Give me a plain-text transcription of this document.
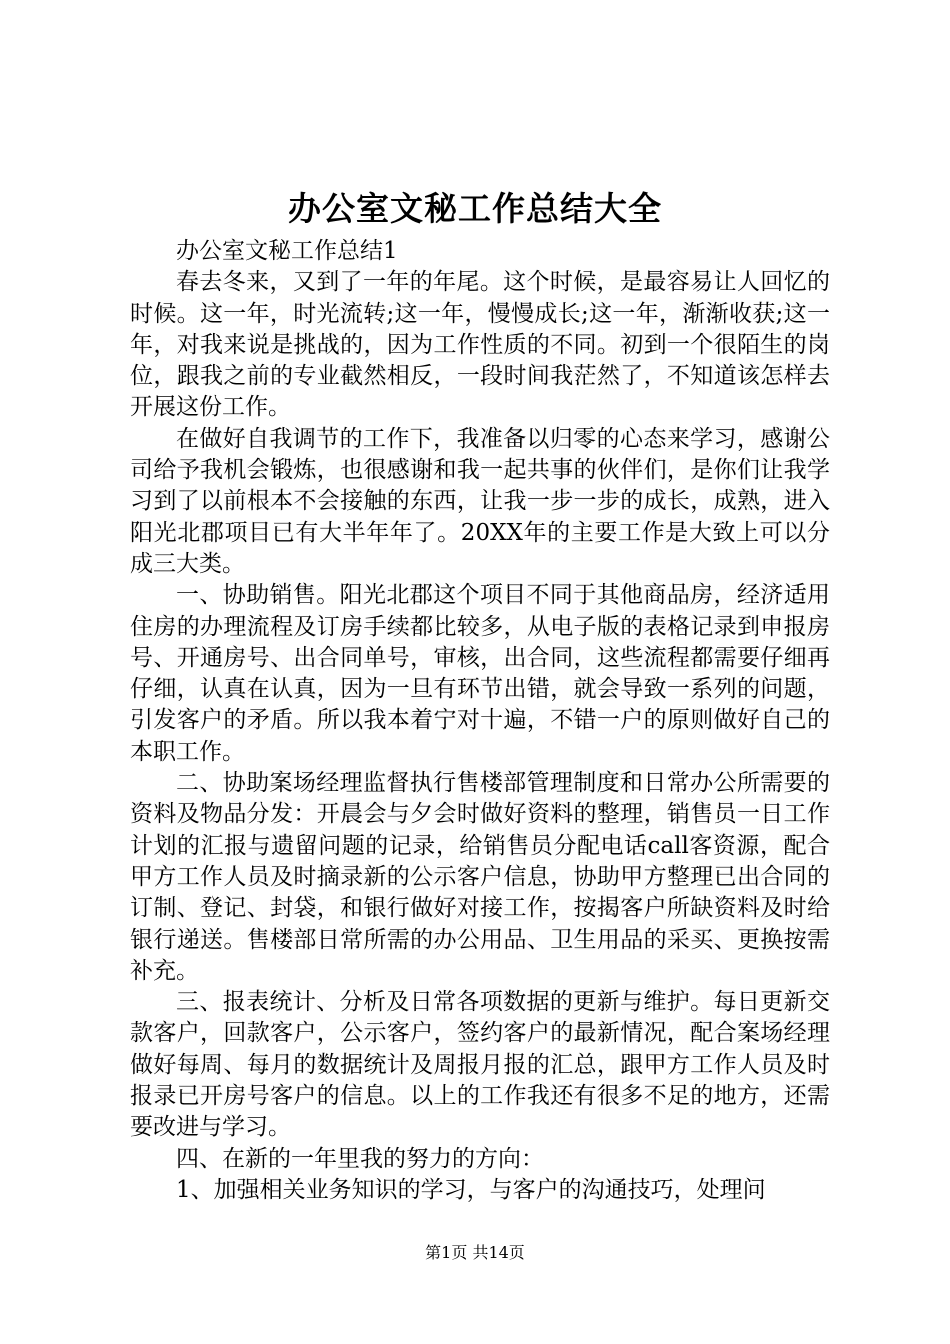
办公室文秘工作总结大全

办公室文秘工作总结1

春去冬来，又到了一年的年尾。这个时候，是最容易让人回忆的时候。这一年，时光流转;这一年，慢慢成长;这一年，渐渐收获;这一年，对我来说是挑战的，因为工作性质的不同。初到一个很陌生的岗位，跟我之前的专业截然相反，一段时间我茫然了，不知道该怎样去开展这份工作。

在做好自我调节的工作下，我准备以归零的心态来学习，感谢公司给予我机会锻炼，也很感谢和我一起共事的伙伴们，是你们让我学习到了以前根本不会接触的东西，让我一步一步的成长，成熟，进入阳光北郡项目已有大半年年了。20XX年的主要工作是大致上可以分成三大类。

一、协助销售。阳光北郡这个项目不同于其他商品房，经济适用住房的办理流程及订房手续都比较多，从电子版的表格记录到申报房号、开通房号、出合同单号，审核，出合同，这些流程都需要仔细再仔细，认真在认真，因为一旦有环节出错，就会导致一系列的问题，引发客户的矛盾。所以我本着宁对十遍，不错一户的原则做好自己的本职工作。

二、协助案场经理监督执行售楼部管理制度和日常办公所需要的资料及物品分发：开晨会与夕会时做好资料的整理，销售员一日工作计划的汇报与遗留问题的记录，给销售员分配电话call客资源，配合甲方工作人员及时摘录新的公示客户信息，协助甲方整理已出合同的订制、登记、封袋，和银行做好对接工作，按揭客户所缺资料及时给银行递送。售楼部日常所需的办公用品、卫生用品的采买、更换按需补充。

三、报表统计、分析及日常各项数据的更新与维护。每日更新交款客户，回款客户，公示客户，签约客户的最新情况，配合案场经理做好每周、每月的数据统计及周报月报的汇总，跟甲方工作人员及时报录已开房号客户的信息。以上的工作我还有很多不足的地方，还需要改进与学习。

四、在新的一年里我的努力的方向：

1、加强相关业务知识的学习，与客户的沟通技巧，处理问

第1页 共14页
